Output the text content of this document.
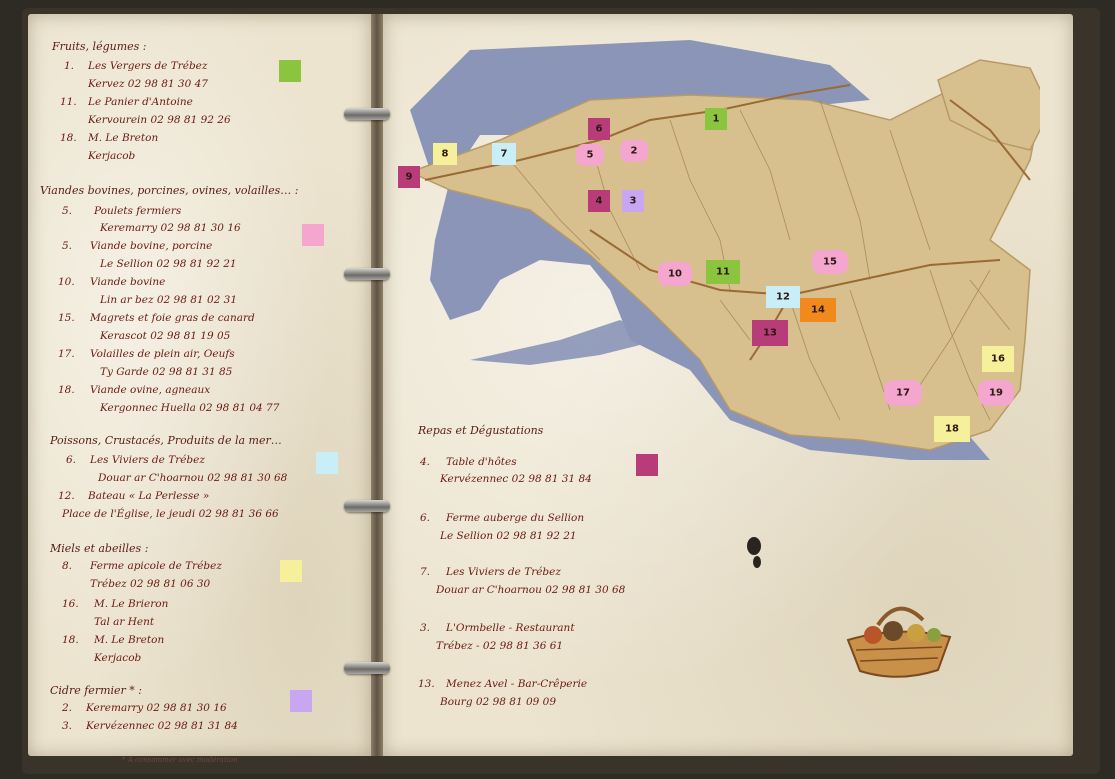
Fruits, légumes :
1. Les Vergers de Trébez
Kervez 02 98 81 30 47
11. Le Panier d'Antoine
Kervourein 02 98 81 92 26
18. M. Le Breton
Kerjacob
Viandes bovines, porcines, ovines, volailles… :
5. Poulets fermiers
Keremarry 02 98 81 30 16
5. Viande bovine, porcine
Le Sellion 02 98 81 92 21
10. Viande bovine
Lin ar bez 02 98 81 02 31
15. Magrets et foie gras de canard
Kerascot 02 98 81 19 05
17. Volailles de plein air, Oeufs
Ty Garde 02 98 81 31 85
18. Viande ovine, agneaux
Kergonnec Huella 02 98 81 04 77
Poissons, Crustacés, Produits de la mer…
6. Les Viviers de Trébez
Douar ar C'hoarnou 02 98 81 30 68
12. Bateau « La Perlesse »
Place de l'Église, le jeudi 02 98 81 36 66
Miels et abeilles :
8. Ferme apicole de Trébez
Trébez 02 98 81 06 30
16. M. Le Brieron
Tal ar Hent
18. M. Le Breton
Kerjacob
Cidre fermier * :
2. Keremarry 02 98 81 30 16
3. Kervézennec 02 98 81 31 84
* A consommer avec modération
1
2
3
4
5
6
7
8
9
10	11
12
13
14
15
16
17
18
19
Repas et Dégustations
4. Table d'hôtes
Kervézennec 02 98 81 31 84
6. Ferme auberge du Sellion
Le Sellion 02 98 81 92 21
7. Les Viviers de Trébez
Douar ar C'hoarnou 02 98 81 30 68
3. L'Ormbelle - Restaurant
Trébez - 02 98 81 36 61
13. Menez Avel - Bar-Crêperie
Bourg 02 98 81 09 09
